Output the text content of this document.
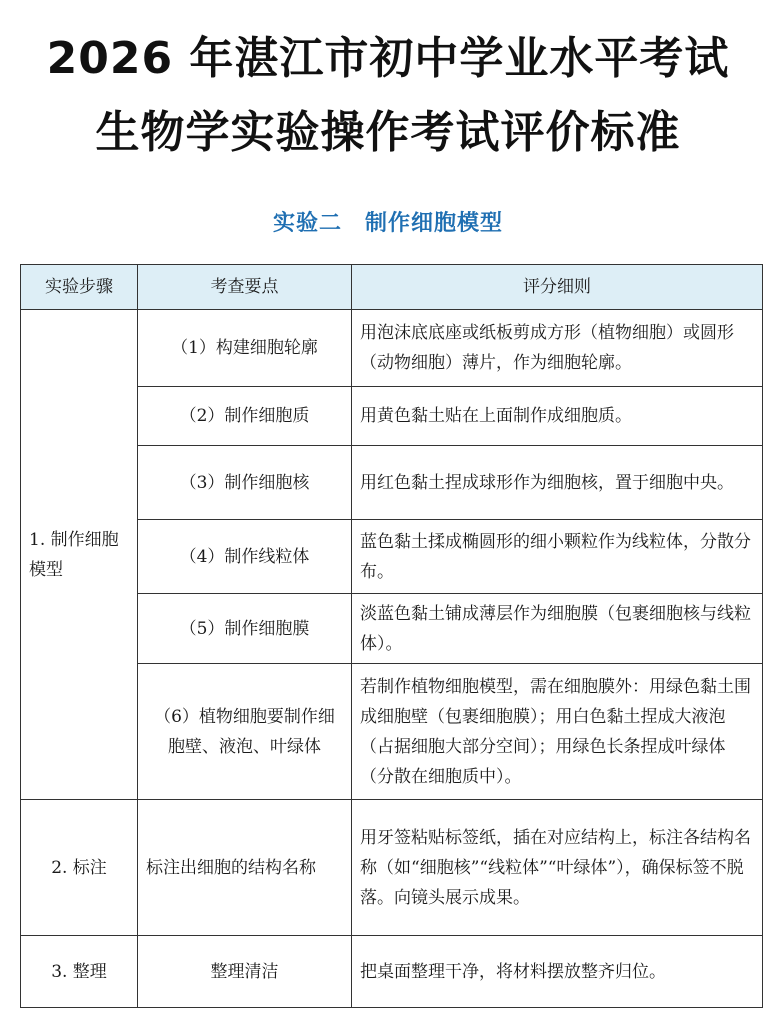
2026 年湛江市初中学业水平考试
生物学实验操作考试评价标准
实验二　制作细胞模型
实验步骤	考查要点	评分细则
1. 制作细胞模型	（1）构建细胞轮廓	用泡沫底底座或纸板剪成方形（植物细胞）或圆形（动物细胞）薄片，作为细胞轮廓。
	（2）制作细胞质	用黄色黏土贴在上面制作成细胞质。
	（3）制作细胞核	用红色黏土捏成球形作为细胞核，置于细胞中央。
	（4）制作线粒体	蓝色黏土揉成椭圆形的细小颗粒作为线粒体，分散分布。
	（5）制作细胞膜	淡蓝色黏土铺成薄层作为细胞膜（包裹细胞核与线粒体）。
	（6）植物细胞要制作细胞壁、液泡、叶绿体	若制作植物细胞模型，需在细胞膜外：用绿色黏土围成细胞壁（包裹细胞膜）；用白色黏土捏成大液泡（占据细胞大部分空间）；用绿色长条捏成叶绿体（分散在细胞质中）。
2. 标注	标注出细胞的结构名称	用牙签粘贴标签纸，插在对应结构上，标注各结构名称（如“细胞核”“线粒体”“叶绿体”），确保标签不脱落。向镜头展示成果。
3. 整理	整理清洁	把桌面整理干净，将材料摆放整齐归位。
